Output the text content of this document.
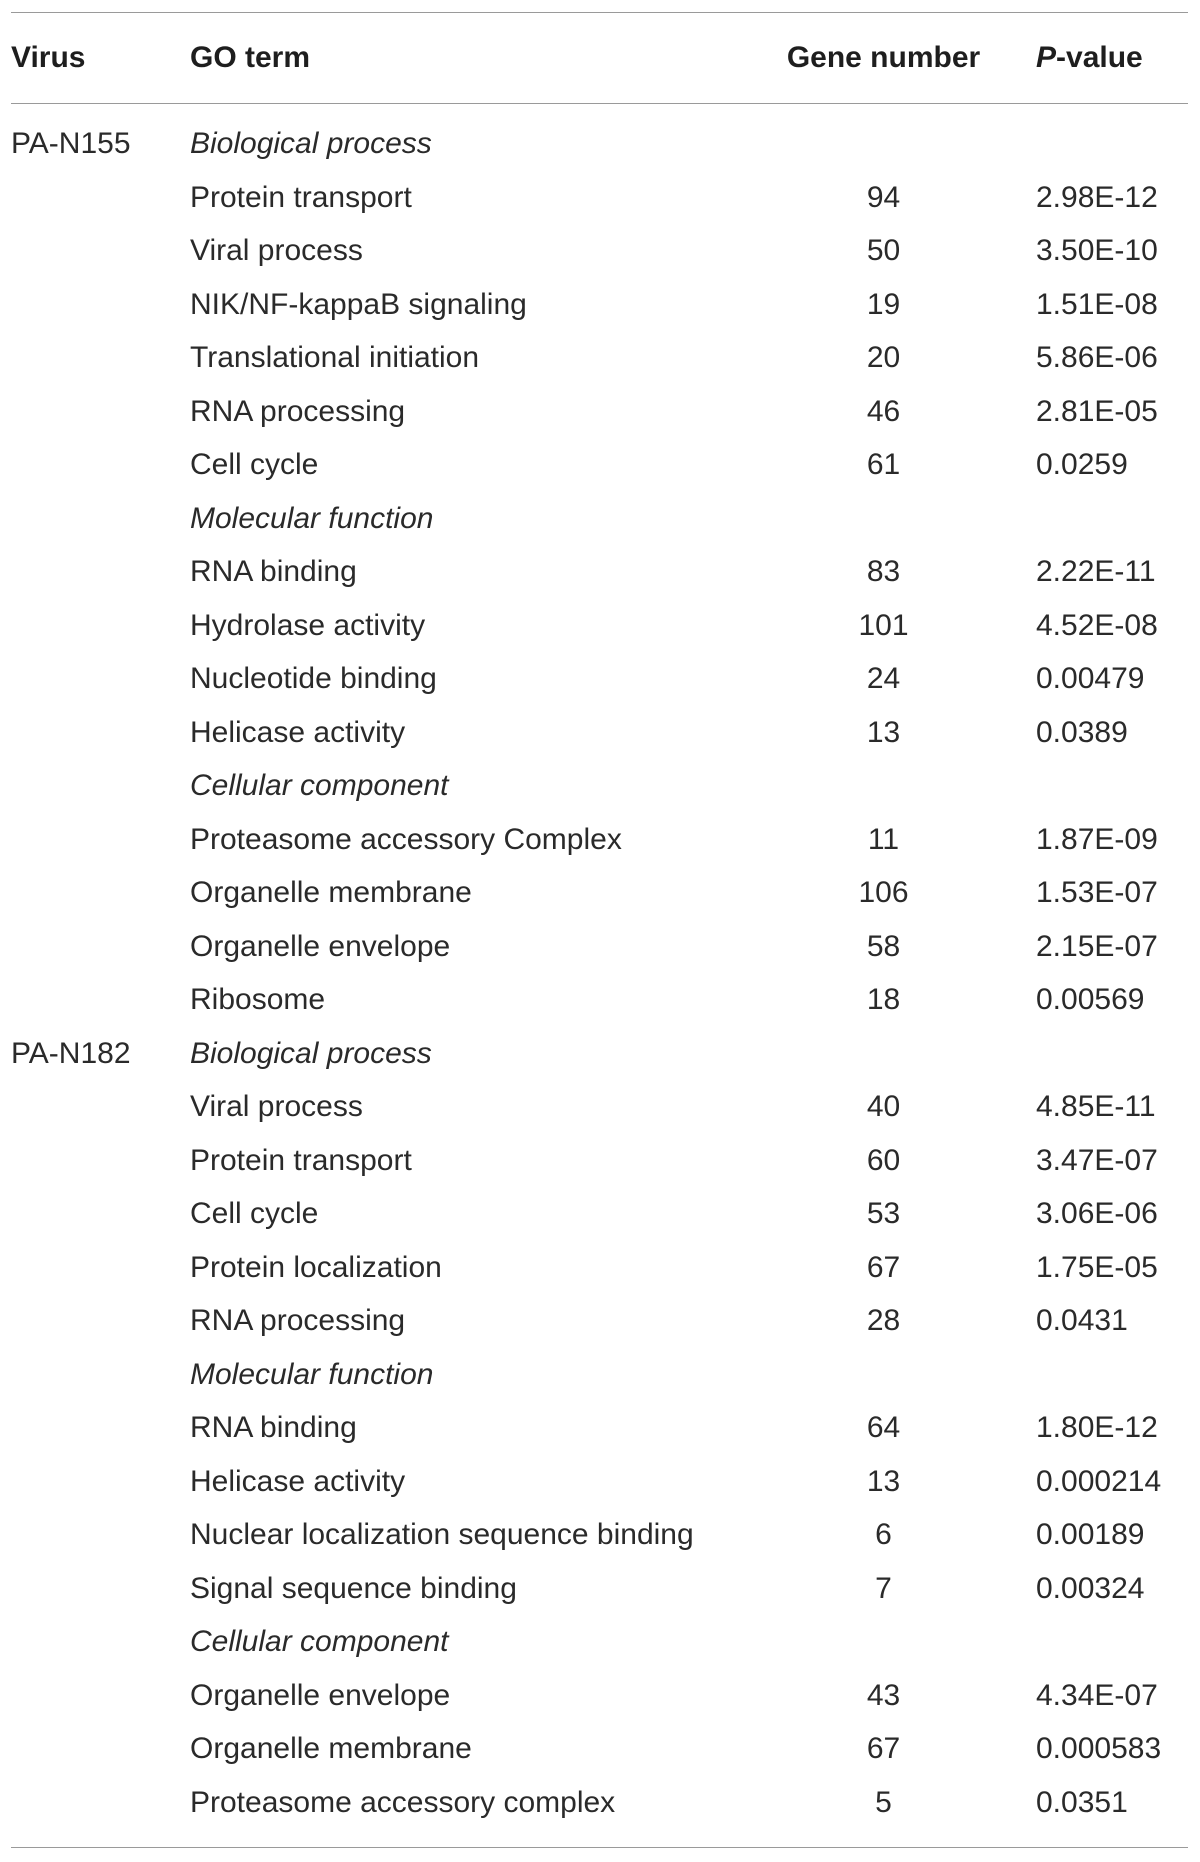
Virus	GO term	Gene number	P-value
PA-N155 Biological process
Protein transport	94	2.98E-12
Viral process	50	3.50E-10
NIK/NF-kappaB signaling	19	1.51E-08
Translational initiation	20	5.86E-06
RNA processing	46	2.81E-05
Cell cycle	61	0.0259
Molecular function
RNA binding	83	2.22E-11
Hydrolase activity	101	4.52E-08
Nucleotide binding	24	0.00479
Helicase activity	13	0.0389
Cellular component
Proteasome accessory Complex	11	1.87E-09
Organelle membrane	106	1.53E-07
Organelle envelope	58	2.15E-07
Ribosome	18	0.00569
PA-N182 Biological process
Viral process	40	4.85E-11
Protein transport	60	3.47E-07
Cell cycle	53	3.06E-06
Protein localization	67	1.75E-05
RNA processing	28	0.0431
Molecular function
RNA binding	64	1.80E-12
Helicase activity	13	0.000214
Nuclear localization sequence binding	6	0.00189
Signal sequence binding	7	0.00324
Cellular component
Organelle envelope	43	4.34E-07
Organelle membrane	67	0.000583
Proteasome accessory complex	5	0.0351
